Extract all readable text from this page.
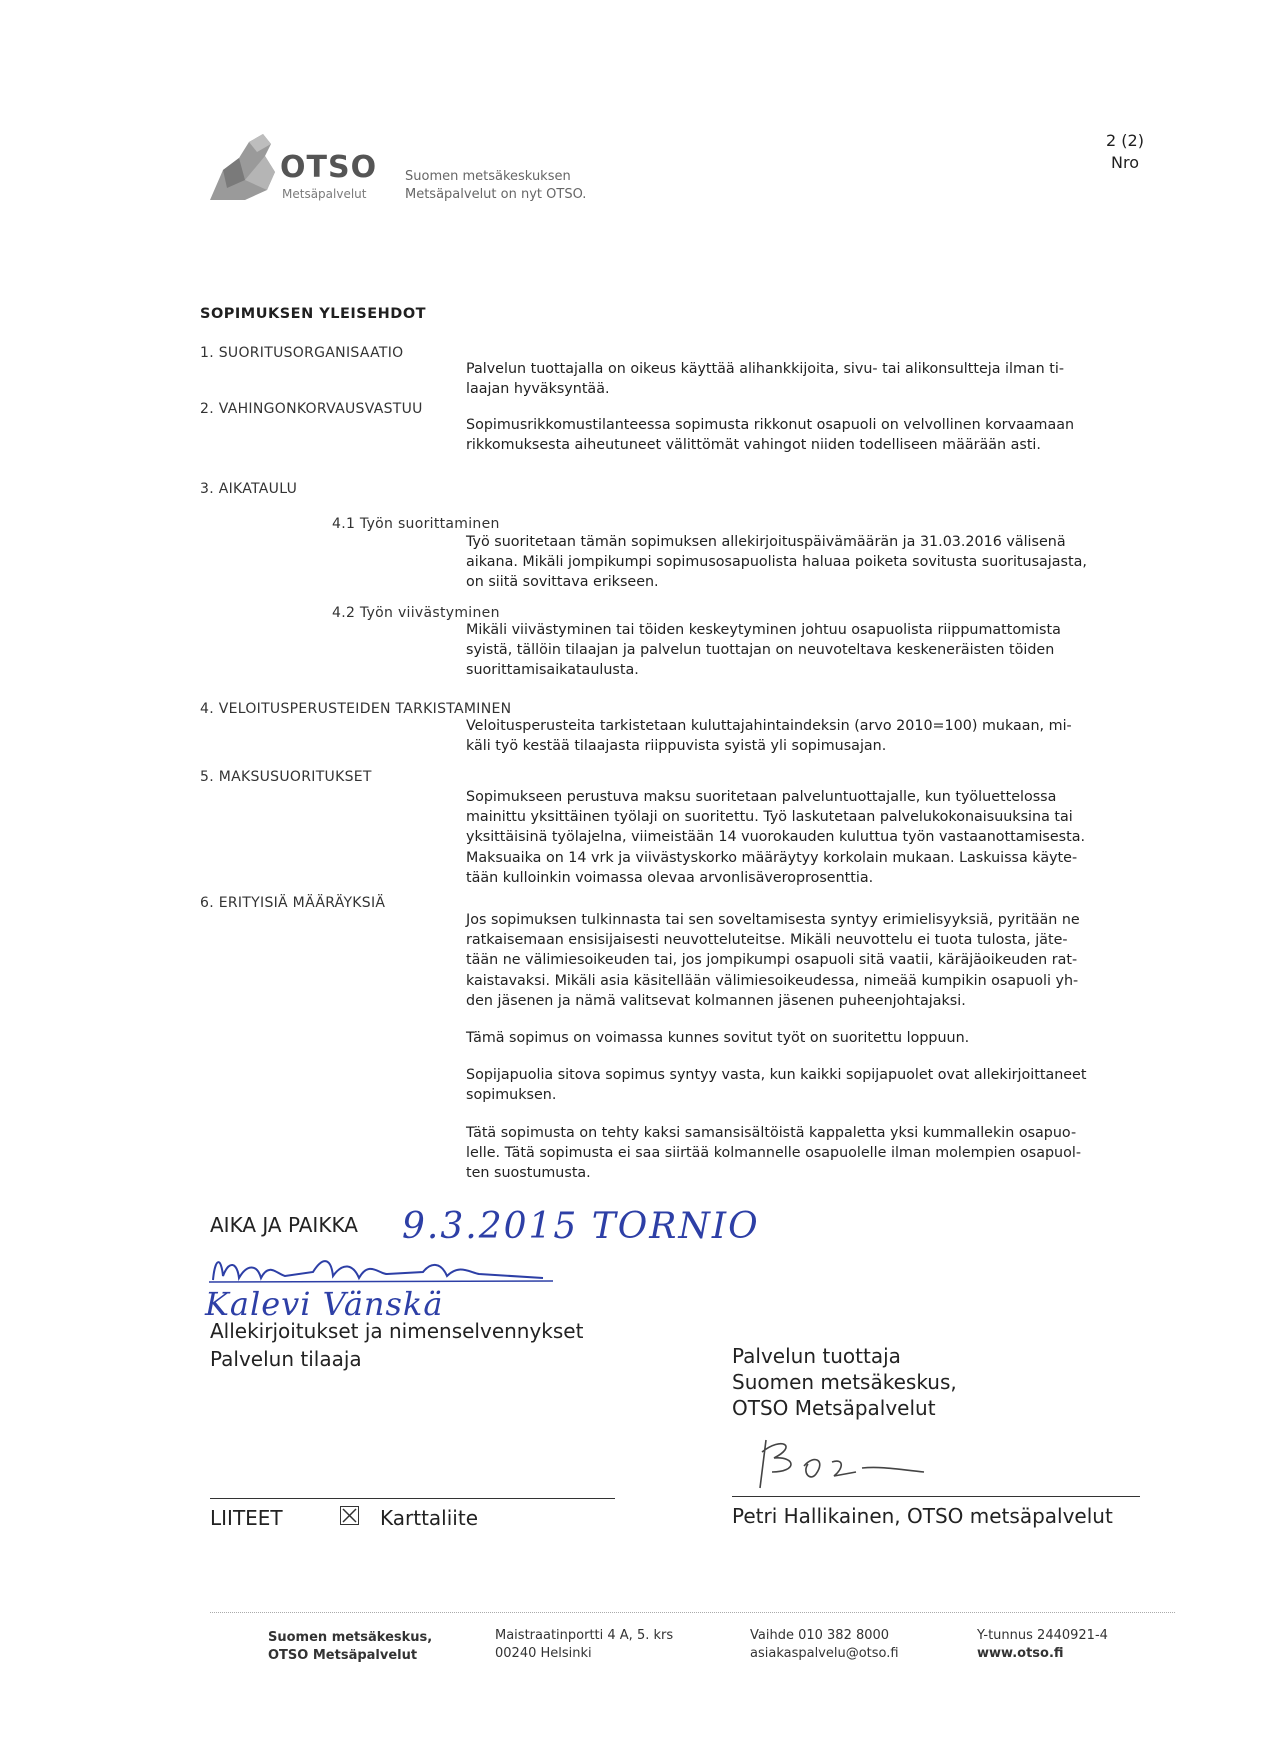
OTSO
Metsäpalvelut
Suomen metsäkeskuksen
Metsäpalvelut on nyt OTSO.
2 (2)
Nro
SOPIMUKSEN YLEISEHDOT
1. SUORITUSORGANISAATIO
Palvelun tuottajalla on oikeus käyttää alihankkijoita, sivu- tai alikonsultteja ilman ti-
laajan hyväksyntää.
2. VAHINGONKORVAUSVASTUU
Sopimusrikkomustilanteessa sopimusta rikkonut osapuoli on velvollinen korvaamaan
rikkomuksesta aiheutuneet välittömät vahingot niiden todelliseen määrään asti.
3. AIKATAULU
4.1 Työn suorittaminen
Työ suoritetaan tämän sopimuksen allekirjoituspäivämäärän ja 31.03.2016 välisenä
aikana. Mikäli jompikumpi sopimusosapuolista haluaa poiketa sovitusta suoritusajasta,
on siitä sovittava erikseen.
4.2 Työn viivästyminen
Mikäli viivästyminen tai töiden keskeytyminen johtuu osapuolista riippumattomista
syistä, tällöin tilaajan ja palvelun tuottajan on neuvoteltava keskeneräisten töiden
suorittamisaikataulusta.
4. VELOITUSPERUSTEIDEN TARKISTAMINEN
Veloitusperusteita tarkistetaan kuluttajahintaindeksin (arvo 2010=100) mukaan, mi-
käli työ kestää tilaajasta riippuvista syistä yli sopimusajan.
5. MAKSUSUORITUKSET
Sopimukseen perustuva maksu suoritetaan palveluntuottajalle, kun työluettelossa
mainittu yksittäinen työlaji on suoritettu. Työ laskutetaan palvelukokonaisuuksina tai
yksittäisinä työlajelna, viimeistään 14 vuorokauden kuluttua työn vastaanottamisesta.
Maksuaika on 14 vrk ja viivästyskorko määräytyy korkolain mukaan. Laskuissa käyte-
tään kulloinkin voimassa olevaa arvonlisäveroprosenttia.
6. ERITYISIÄ MÄÄRÄYKSIÄ
Jos sopimuksen tulkinnasta tai sen soveltamisesta syntyy erimielisyyksiä, pyritään ne
ratkaisemaan ensisijaisesti neuvotteluteitse. Mikäli neuvottelu ei tuota tulosta, jäte-
tään ne välimiesoikeuden tai, jos jompikumpi osapuoli sitä vaatii, käräjäoikeuden rat-
kaistavaksi. Mikäli asia käsitellään välimiesoikeudessa, nimeää kumpikin osapuoli yh-
den jäsenen ja nämä valitsevat kolmannen jäsenen puheenjohtajaksi.
Tämä sopimus on voimassa kunnes sovitut työt on suoritettu loppuun.
Sopijapuolia sitova sopimus syntyy vasta, kun kaikki sopijapuolet ovat allekirjoittaneet
sopimuksen.
Tätä sopimusta on tehty kaksi samansisältöistä kappaletta yksi kummallekin osapuo-
lelle. Tätä sopimusta ei saa siirtää kolmannelle osapuolelle ilman molempien osapuol-
ten suostumusta.
AIKA JA PAIKKA 9.3.2015 TORNIO
Kalevi Vänskä
Allekirjoitukset ja nimenselvennykset
Palvelun tilaaja	Palvelun tuottaja
Suomen metsäkeskus,
OTSO Metsäpalvelut
LIITEET	Karttaliite	Petri Hallikainen, OTSO metsäpalvelut
Suomen metsäkeskus,
OTSO Metsäpalvelut
Maistraatinportti 4 A, 5. krs
00240 Helsinki
Vaihde 010 382 8000
asiakaspalvelu@otso.fi
Y-tunnus 2440921-4
www.otso.fi
